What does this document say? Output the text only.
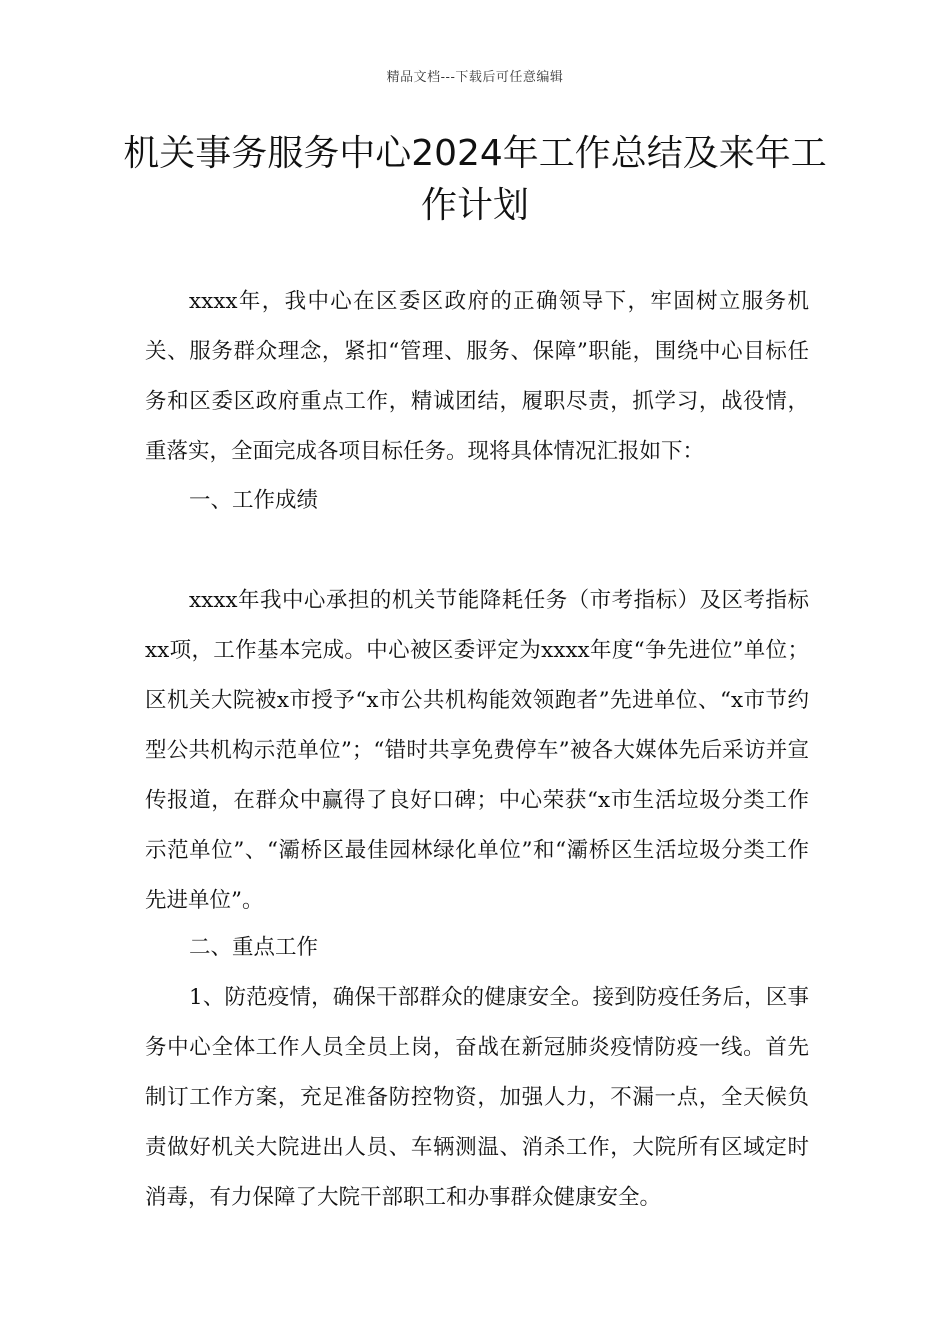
精品文档---下载后可任意编辑
机关事务服务中心2024年工作总结及来年工作计划

xxxx年，我中心在区委区政府的正确领导下，牢固树立服务机关、服务群众理念，紧扣“管理、服务、保障”职能，围绕中心目标任务和区委区政府重点工作，精诚团结，履职尽责，抓学习，战役情，重落实，全面完成各项目标任务。现将具体情况汇报如下：

一、工作成绩

xxxx年我中心承担的机关节能降耗任务（市考指标）及区考指标xx项，工作基本完成。中心被区委评定为xxxx年度“争先进位”单位；区机关大院被x市授予“x市公共机构能效领跑者”先进单位、“x市节约型公共机构示范单位”；“错时共享免费停车”被各大媒体先后采访并宣传报道，在群众中赢得了良好口碑；中心荣获“x市生活垃圾分类工作示范单位”、“灞桥区最佳园林绿化单位”和“灞桥区生活垃圾分类工作先进单位”。

二、重点工作

1、防范疫情，确保干部群众的健康安全。接到防疫任务后，区事务中心全体工作人员全员上岗，奋战在新冠肺炎疫情防疫一线。首先制订工作方案，充足准备防控物资，加强人力，不漏一点，全天候负责做好机关大院进出人员、车辆测温、消杀工作，大院所有区域定时消毒，有力保障了大院干部职工和办事群众健康安全。
